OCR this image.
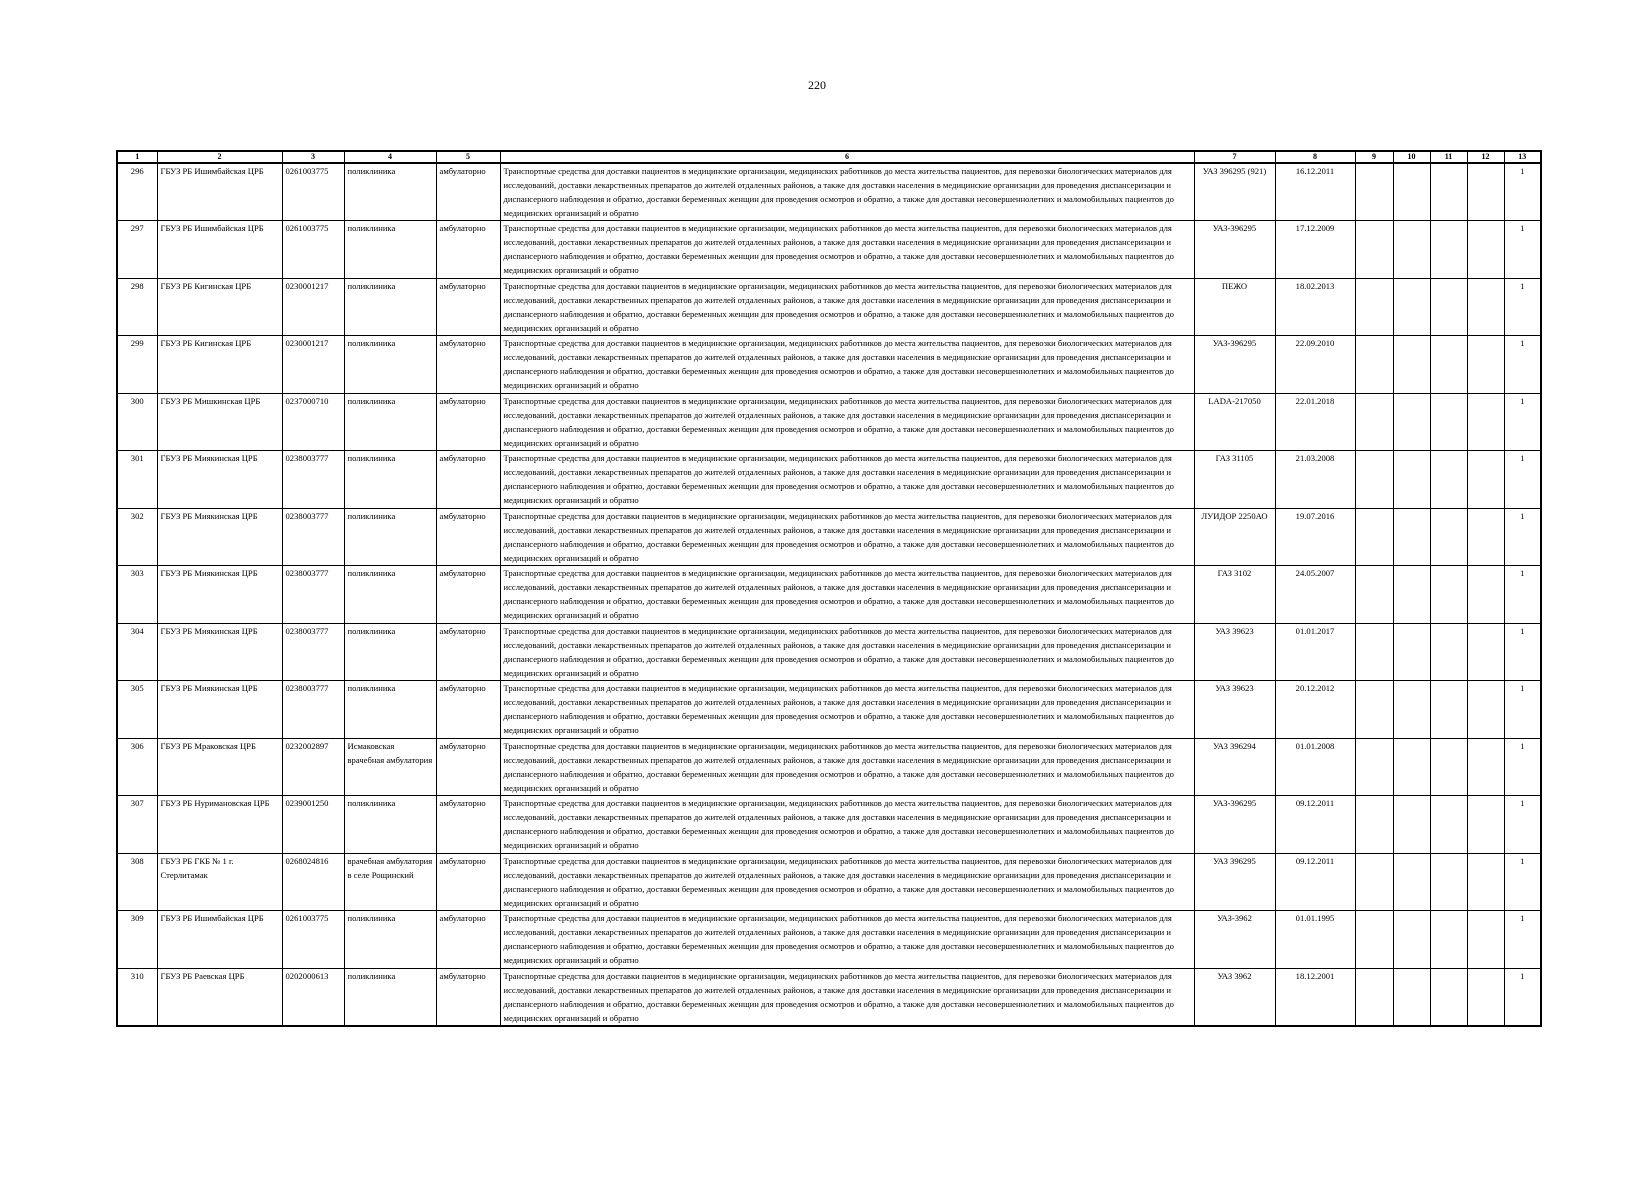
220
1	2	3	4	5	6	7	8	9	10	11	12	13
296	ГБУЗ РБ Ишимбайская ЦРБ	0261003775	поликлиника	амбулаторно	Транспортные средства для доставки пациентов в медицинские организации, медицинских работников до места жительства пациентов, для перевозки биологических материалов для исследований, доставки лекарственных препаратов до жителей отдаленных районов, а также для доставки населения в медицинские организации для проведения диспансеризации и диспансерного наблюдения и обратно, доставки беременных женщин для проведения осмотров и обратно, а также для доставки несовершеннолетних и маломобильных пациентов до медицинских организаций и обратно	УАЗ 396295 (921)	16.12.2011					1
297	ГБУЗ РБ Ишимбайская ЦРБ	0261003775	поликлиника	амбулаторно	Транспортные средства для доставки пациентов в медицинские организации, медицинских работников до места жительства пациентов, для перевозки биологических материалов для исследований, доставки лекарственных препаратов до жителей отдаленных районов, а также для доставки населения в медицинские организации для проведения диспансеризации и диспансерного наблюдения и обратно, доставки беременных женщин для проведения осмотров и обратно, а также для доставки несовершеннолетних и маломобильных пациентов до медицинских организаций и обратно	УАЗ-396295	17.12.2009					1
298	ГБУЗ РБ Кигинская ЦРБ	0230001217	поликлиника	амбулаторно	Транспортные средства для доставки пациентов в медицинские организации, медицинских работников до места жительства пациентов, для перевозки биологических материалов для исследований, доставки лекарственных препаратов до жителей отдаленных районов, а также для доставки населения в медицинские организации для проведения диспансеризации и диспансерного наблюдения и обратно, доставки беременных женщин для проведения осмотров и обратно, а также для доставки несовершеннолетних и маломобильных пациентов до медицинских организаций и обратно	ПЕЖО	18.02.2013					1
299	ГБУЗ РБ Кигинская ЦРБ	0230001217	поликлиника	амбулаторно	Транспортные средства для доставки пациентов в медицинские организации, медицинских работников до места жительства пациентов, для перевозки биологических материалов для исследований, доставки лекарственных препаратов до жителей отдаленных районов, а также для доставки населения в медицинские организации для проведения диспансеризации и диспансерного наблюдения и обратно, доставки беременных женщин для проведения осмотров и обратно, а также для доставки несовершеннолетних и маломобильных пациентов до медицинских организаций и обратно	УАЗ-396295	22.09.2010					1
300	ГБУЗ РБ Мишкинская ЦРБ	0237000710	поликлиника	амбулаторно	Транспортные средства для доставки пациентов в медицинские организации, медицинских работников до места жительства пациентов, для перевозки биологических материалов для исследований, доставки лекарственных препаратов до жителей отдаленных районов, а также для доставки населения в медицинские организации для проведения диспансеризации и диспансерного наблюдения и обратно, доставки беременных женщин для проведения осмотров и обратно, а также для доставки несовершеннолетних и маломобильных пациентов до медицинских организаций и обратно	LADA-217050	22.01.2018					1
301	ГБУЗ РБ Миякинская ЦРБ	0238003777	поликлиника	амбулаторно	Транспортные средства для доставки пациентов в медицинские организации, медицинских работников до места жительства пациентов, для перевозки биологических материалов для исследований, доставки лекарственных препаратов до жителей отдаленных районов, а также для доставки населения в медицинские организации для проведения диспансеризации и диспансерного наблюдения и обратно, доставки беременных женщин для проведения осмотров и обратно, а также для доставки несовершеннолетних и маломобильных пациентов до медицинских организаций и обратно	ГАЗ 31105	21.03.2008					1
302	ГБУЗ РБ Миякинская ЦРБ	0238003777	поликлиника	амбулаторно	Транспортные средства для доставки пациентов в медицинские организации, медицинских работников до места жительства пациентов, для перевозки биологических материалов для исследований, доставки лекарственных препаратов до жителей отдаленных районов, а также для доставки населения в медицинские организации для проведения диспансеризации и диспансерного наблюдения и обратно, доставки беременных женщин для проведения осмотров и обратно, а также для доставки несовершеннолетних и маломобильных пациентов до медицинских организаций и обратно	ЛУИДОР 2250АО	19.07.2016					1
303	ГБУЗ РБ Миякинская ЦРБ	0238003777	поликлиника	амбулаторно	Транспортные средства для доставки пациентов в медицинские организации, медицинских работников до места жительства пациентов, для перевозки биологических материалов для исследований, доставки лекарственных препаратов до жителей отдаленных районов, а также для доставки населения в медицинские организации для проведения диспансеризации и диспансерного наблюдения и обратно, доставки беременных женщин для проведения осмотров и обратно, а также для доставки несовершеннолетних и маломобильных пациентов до медицинских организаций и обратно	ГАЗ 3102	24.05.2007					1
304	ГБУЗ РБ Миякинская ЦРБ	0238003777	поликлиника	амбулаторно	Транспортные средства для доставки пациентов в медицинские организации, медицинских работников до места жительства пациентов, для перевозки биологических материалов для исследований, доставки лекарственных препаратов до жителей отдаленных районов, а также для доставки населения в медицинские организации для проведения диспансеризации и диспансерного наблюдения и обратно, доставки беременных женщин для проведения осмотров и обратно, а также для доставки несовершеннолетних и маломобильных пациентов до медицинских организаций и обратно	УАЗ 39623	01.01.2017					1
305	ГБУЗ РБ Миякинская ЦРБ	0238003777	поликлиника	амбулаторно	Транспортные средства для доставки пациентов в медицинские организации, медицинских работников до места жительства пациентов, для перевозки биологических материалов для исследований, доставки лекарственных препаратов до жителей отдаленных районов, а также для доставки населения в медицинские организации для проведения диспансеризации и диспансерного наблюдения и обратно, доставки беременных женщин для проведения осмотров и обратно, а также для доставки несовершеннолетних и маломобильных пациентов до медицинских организаций и обратно	УАЗ 39623	20.12.2012					1
306	ГБУЗ РБ Мраковская ЦРБ	0232002897	Исмаковская врачебная амбулатория	амбулаторно	Транспортные средства для доставки пациентов в медицинские организации, медицинских работников до места жительства пациентов, для перевозки биологических материалов для исследований, доставки лекарственных препаратов до жителей отдаленных районов, а также для доставки населения в медицинские организации для проведения диспансеризации и диспансерного наблюдения и обратно, доставки беременных женщин для проведения осмотров и обратно, а также для доставки несовершеннолетних и маломобильных пациентов до медицинских организаций и обратно	УАЗ 396294	01.01.2008					1
307	ГБУЗ РБ Нуримановская ЦРБ	0239001250	поликлиника	амбулаторно	Транспортные средства для доставки пациентов в медицинские организации, медицинских работников до места жительства пациентов, для перевозки биологических материалов для исследований, доставки лекарственных препаратов до жителей отдаленных районов, а также для доставки населения в медицинские организации для проведения диспансеризации и диспансерного наблюдения и обратно, доставки беременных женщин для проведения осмотров и обратно, а также для доставки несовершеннолетних и маломобильных пациентов до медицинских организаций и обратно	УАЗ-396295	09.12.2011					1
308	ГБУЗ РБ ГКБ № 1 г. Стерлитамак	0268024816	врачебная амбулатория в селе Рощинский	амбулаторно	Транспортные средства для доставки пациентов в медицинские организации, медицинских работников до места жительства пациентов, для перевозки биологических материалов для исследований, доставки лекарственных препаратов до жителей отдаленных районов, а также для доставки населения в медицинские организации для проведения диспансеризации и диспансерного наблюдения и обратно, доставки беременных женщин для проведения осмотров и обратно, а также для доставки несовершеннолетних и маломобильных пациентов до медицинских организаций и обратно	УАЗ 396295	09.12.2011					1
309	ГБУЗ РБ Ишимбайская ЦРБ	0261003775	поликлиника	амбулаторно	Транспортные средства для доставки пациентов в медицинские организации, медицинских работников до места жительства пациентов, для перевозки биологических материалов для исследований, доставки лекарственных препаратов до жителей отдаленных районов, а также для доставки населения в медицинские организации для проведения диспансеризации и диспансерного наблюдения и обратно, доставки беременных женщин для проведения осмотров и обратно, а также для доставки несовершеннолетних и маломобильных пациентов до медицинских организаций и обратно	УАЗ-3962	01.01.1995					1
310	ГБУЗ РБ Раевская ЦРБ	0202000613	поликлиника	амбулаторно	Транспортные средства для доставки пациентов в медицинские организации, медицинских работников до места жительства пациентов, для перевозки биологических материалов для исследований, доставки лекарственных препаратов до жителей отдаленных районов, а также для доставки населения в медицинские организации для проведения диспансеризации и диспансерного наблюдения и обратно, доставки беременных женщин для проведения осмотров и обратно, а также для доставки несовершеннолетних и маломобильных пациентов до медицинских организаций и обратно	УАЗ 3962	18.12.2001					1
